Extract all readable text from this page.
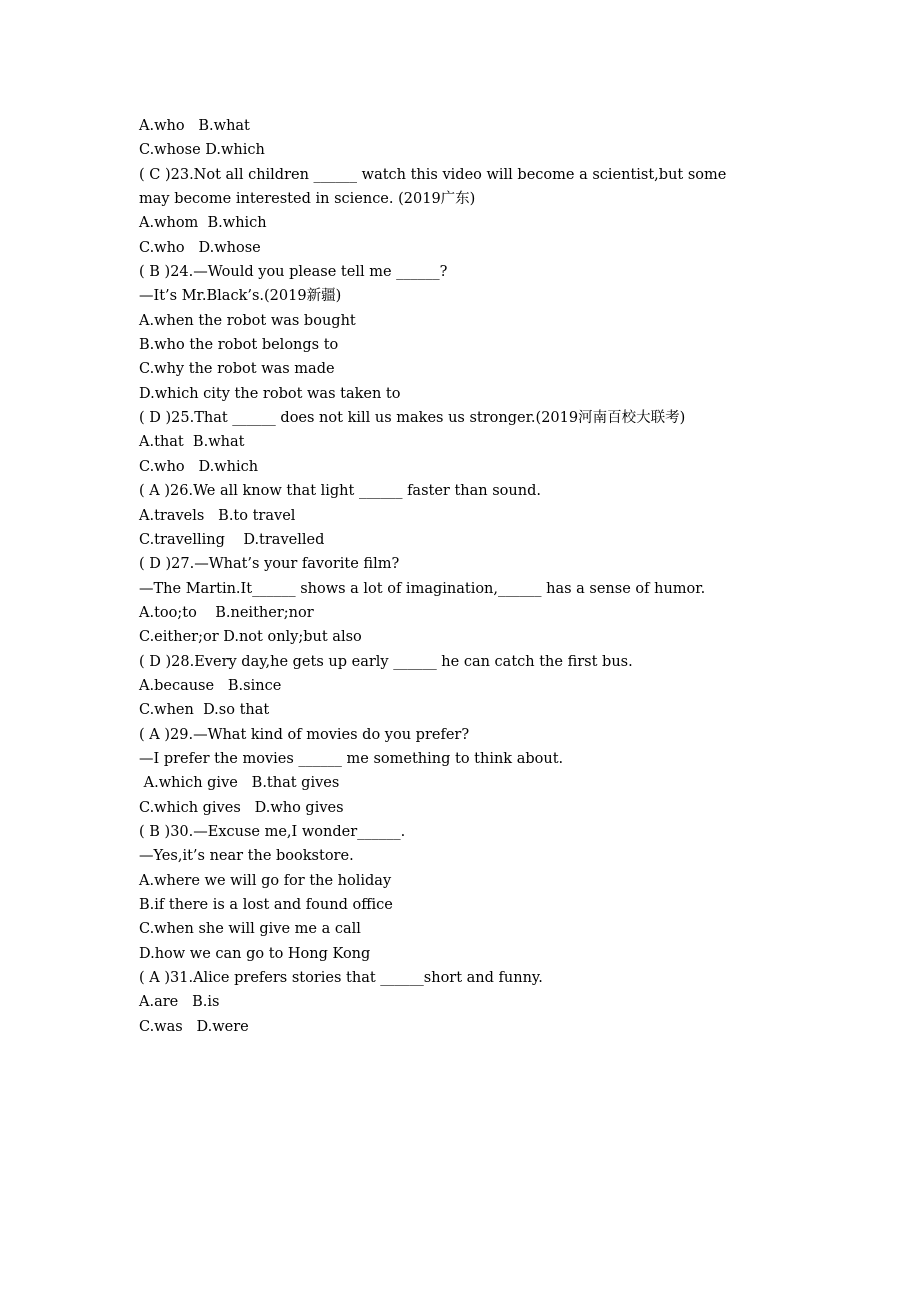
A.who   B.what
C.whose D.which
( C )23.Not all children ______ watch this video will become a scientist,but some
may become interested in science. (2019广东)
A.whom  B.which
C.who   D.whose
( B )24.—Would you please tell me ______?
—It’s Mr.Black’s.(2019新疆)
A.when the robot was bought
B.who the robot belongs to
C.why the robot was made
D.which city the robot was taken to
( D )25.That ______ does not kill us makes us stronger.(2019河南百校大联考)
A.that  B.what
C.who   D.which
( A )26.We all know that light ______ faster than sound.
A.travels   B.to travel
C.travelling    D.travelled
( D )27.—What’s your favorite film?
—The Martin.It______ shows a lot of imagination,______ has a sense of humor.
A.too;to    B.neither;nor
C.either;or D.not only;but also
( D )28.Every day,he gets up early ______ he can catch the first bus.
A.because   B.since
C.when  D.so that
( A )29.—What kind of movies do you prefer?
—I prefer the movies ______ me something to think about.
A.which give   B.that gives
C.which gives   D.who gives
( B )30.—Excuse me,I wonder______.
—Yes,it’s near the bookstore.
A.where we will go for the holiday
B.if there is a lost and found office
C.when she will give me a call
D.how we can go to Hong Kong
( A )31.Alice prefers stories that ______short and funny.
A.are   B.is
C.was   D.were
